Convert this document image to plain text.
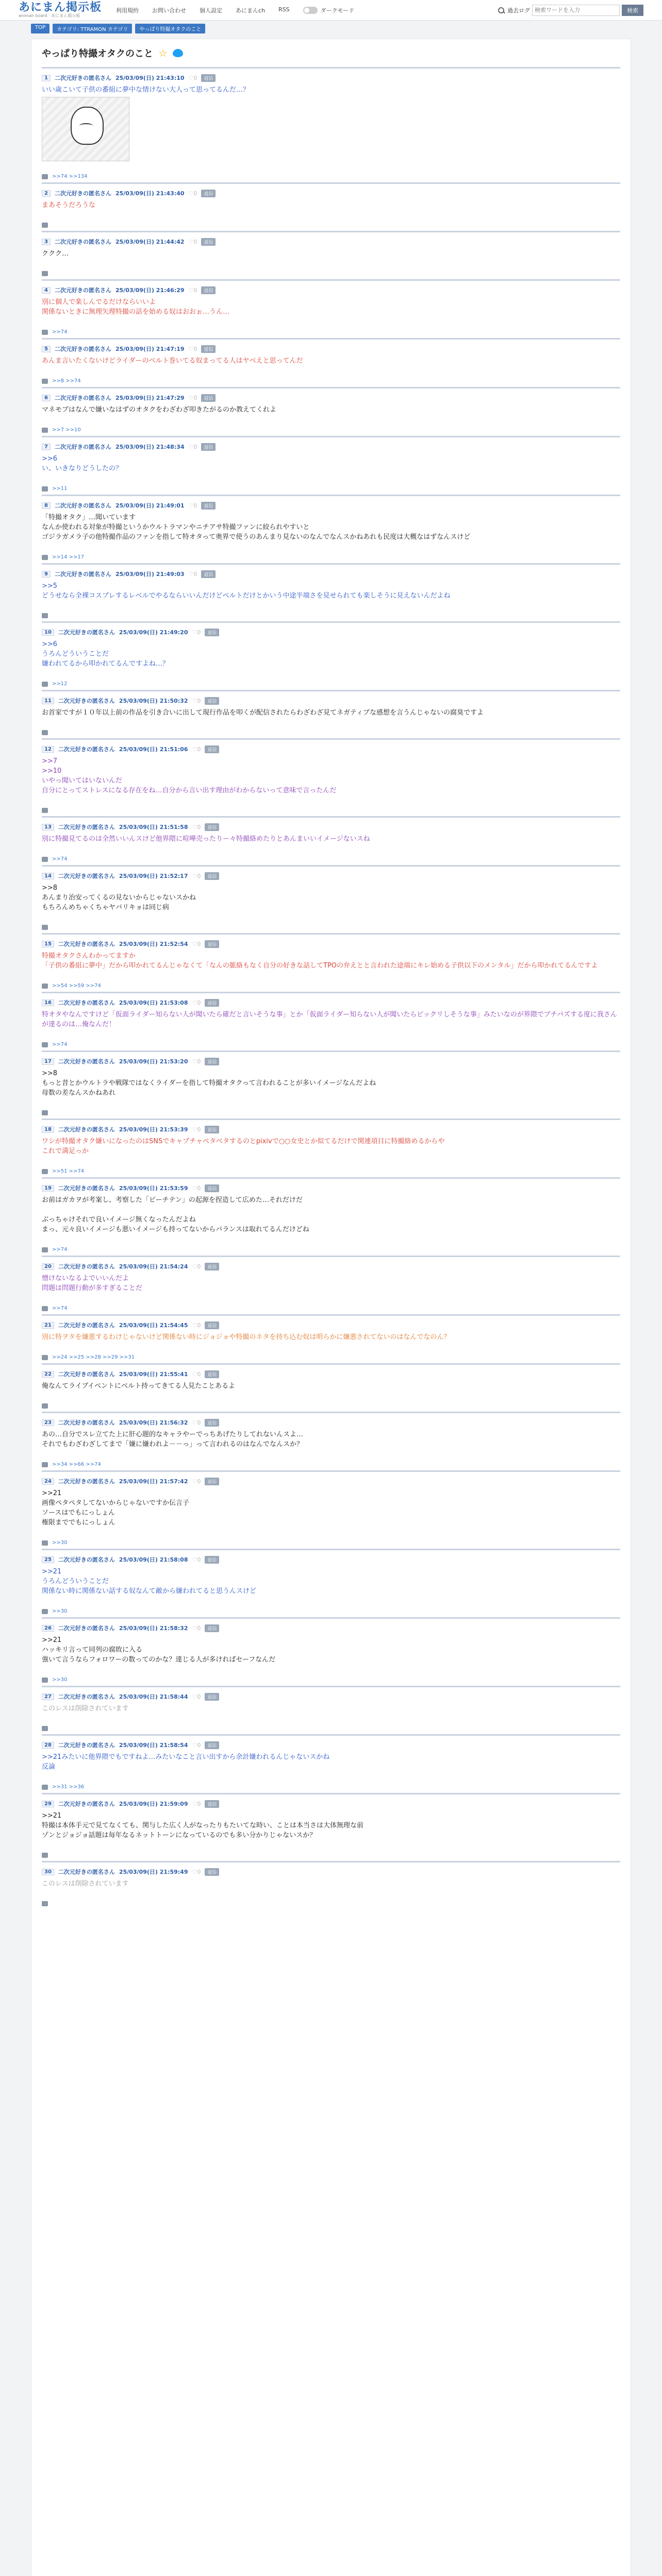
あにまん掲示板
animan board · あにまん掲示板
利用規約 お問い合わせ 個人設定 あにまんch RSS	ダークモード	過去ログ
検索ワードを入力	検索
TOP	カテゴリ: TTRAMON カテゴリ	やっぱり特撮オタクのこと
やっぱり特撮オタクのこと ☆
1	二次元好きの匿名さん 25/03/09(日) 21:43:10 ♡0	返信
いい歳こいて子供の番組に夢中な情けない大人って思ってるんだ…？
>>74 >>134
2	二次元好きの匿名さん 25/03/09(日) 21:43:40 ♡0	返信
まあそうだろうな
3	二次元好きの匿名さん 25/03/09(日) 21:44:42 ♡0	返信
ククク…
4	二次元好きの匿名さん 25/03/09(日) 21:46:29 ♡0	返信
別に個人で楽しんでるだけならいいよ
関係ないときに無理矢理特撮の話を始める奴はおおぉ…うん…
>>74
5	二次元好きの匿名さん 25/03/09(日) 21:47:19 ♡0	返信
あんま言いたくないけどライダーのベルト巻いてる奴まってる人はヤベえと思ってんだ
>>8 >>74
6	二次元好きの匿名さん 25/03/09(日) 21:47:29 ♡0	返信
マネモブはなんで嫌いなはずのオタクをわざわざ叩きたがるのか教えてくれよ
>>7 >>10
7	二次元好きの匿名さん 25/03/09(日) 21:48:34 ♡0	返信
>>6
い、いきなりどうしたの？
>>11
8	二次元好きの匿名さん 25/03/09(日) 21:49:01 ♡0	返信
「特撮オタク」…聞いています
なんか使われる対象が特撮というかウルトラマンやニチアサ特撮ファンに絞られやすいと
ゴジラガメラ子の他特撮作品のファンを指して特オタって奥界で使うのあんまり見ないのなんでなんスかねあれも民度は大概なはずなんスけど
>>14 >>17
9	二次元好きの匿名さん 25/03/09(日) 21:49:03 ♡0	返信
>>5
どうせなら全裸コスプレするレベルでやるならいいんだけどベルトだけとかいう中途半端さを見せられても楽しそうに見えないんだよね
10	二次元好きの匿名さん 25/03/09(日) 21:49:20 ♡0	返信
>>6
うろんどういうことだ
嫌われてるから叩かれてるんですよね…？
>>12
11	二次元好きの匿名さん 25/03/09(日) 21:50:32 ♡0	返信
お首家ですが１０年以上前の作品を引き合いに出して現行作品を叩くが配信されたらわざわざ見てネガティブな感想を言うんじゃないの腐臭ですよ
12	二次元好きの匿名さん 25/03/09(日) 21:51:06 ♡0	返信
>>7
>>10
いやっ聞いてはいないんだ
自分にとってストレスになる存在をね…自分から言い出す理由がわからないって意味で言ったんだ
13	二次元好きの匿名さん 25/03/09(日) 21:51:58 ♡0	返信
別に特撮見てるのは全然いいんスけど他界隈に喧嘩売ったりー々特撮絡めたりとあんまいいイメージないスね
>>74
14	二次元好きの匿名さん 25/03/09(日) 21:52:17 ♡0	返信
>>8
あんまり治安ってくるの見ないからじゃないスかね
もちろんめちゃくちゃヤバリキョは同じ病
15	二次元好きの匿名さん 25/03/09(日) 21:52:54 ♡0	返信
特撮オタクさんわかってますか
「子供の番組に夢中」だから叩かれてるんじゃなくて「なんの脈絡もなく自分の好きな話してTPOの弁えとと言われた途端にキレ始める子供以下のメンタル」だから叩かれてるんですよ
>>54 >>59 >>74
16	二次元好きの匿名さん 25/03/09(日) 21:53:08 ♡0	返信
特オタやなんですけど「仮面ライダー知らない人が聞いたら確だと言いそうな事」とか「仮面ライダー知らない人が聞いたらビックリしそうな事」みたいなのが界隈でブチバズする度に我さんが達るのは…俺なんだ！
>>74
17	二次元好きの匿名さん 25/03/09(日) 21:53:20 ♡0	返信
>>8
もっと昔とかウルトラや戦隊ではなくライダーを指して特撮オタクって言われることが多いイメージなんだよね
母数の差なんスかねあれ
18	二次元好きの匿名さん 25/03/09(日) 21:53:39 ♡0	返信
ワシが特撮オタク嫌いになったのはSNSでキャプチャベタベタするのとpixivで○○女史とか似てるだけで関連項目に特撮絡めるからや
これで満足っか
>>51 >>74
19	二次元好きの匿名さん 25/03/09(日) 21:53:59 ♡0	返信
お前はガカヲが考案し、考察した「ビーチテン」の起源を捏造して広めた…それだけだ

ぶっちゃけそれで良いイメージ無くなったんだよね
まっ、元々良いイメージも悪いイメージも持ってないからバランスは取れてるんだけどね
>>74
20	二次元好きの匿名さん 25/03/09(日) 21:54:24 ♡0	返信
憎けないなるよでいいんだよ
問題は問題行動が多すぎることだ
>>74
21	二次元好きの匿名さん 25/03/09(日) 21:54:45 ♡0	返信
別に特ヲタを嫌悪するわけじゃないけど関係ない時にジョジョや特撮のネタを持ち込む奴は明らかに嫌悪されてないのはなんでなのん？
>>24 >>25 >>28 >>29 >>31
22	二次元好きの匿名さん 25/03/09(日) 21:55:41 ♡0	返信
俺なんてライブイベントにベルト持ってきてる人見たことあるよ
23	二次元好きの匿名さん 25/03/09(日) 21:56:32 ♡0	返信
あの…自分でスレ立てた上に肝心題的なキャラやーでっちあげたりしてれないんスよ…
それでもわざわざしてまで「嫌に嫌われよ－－っ」って言われるのはなんでなんスか？
>>34 >>66 >>74
24	二次元好きの匿名さん 25/03/09(日) 21:57:42 ♡0	返信
>>21
画像ペタペタしてないからじゃないですか伝言子
ソースはでもにっしょん
権限まででもにっしょん
>>30
25	二次元好きの匿名さん 25/03/09(日) 21:58:08 ♡0	返信
>>21
うろんどういうことだ
関係ない時に関係ない話する奴なんて敵から嫌われてると思うんスけど
>>30
26	二次元好きの匿名さん 25/03/09(日) 21:58:32 ♡0	返信
>>21
ハッキリ言って同列の腐敗に入る
強いて言うならフォロワーの数ってのかな？達じる人が多ければセーフなんだ
>>30
27	二次元好きの匿名さん 25/03/09(日) 21:58:44 ♡0	返信
このレスは削除されています
28	二次元好きの匿名さん 25/03/09(日) 21:58:54 ♡0	返信
>>21みたいに他界隈でもですねよ…みたいなこと言い出すから余計嫌われるんじゃないスかね
反論
>>31 >>36
29	二次元好きの匿名さん 25/03/09(日) 21:59:09 ♡0	返信
>>21
特撮は本体手元で見てなくても、関与した広く人がなったりもたいてな時い、ことは本当さは大体無理な前
ゾンとジョジョ話題は毎年なるネットトーンになっているのでも多い分かりじゃないスか？
30	二次元好きの匿名さん 25/03/09(日) 21:59:49 ♡0	返信
このレスは削除されています
